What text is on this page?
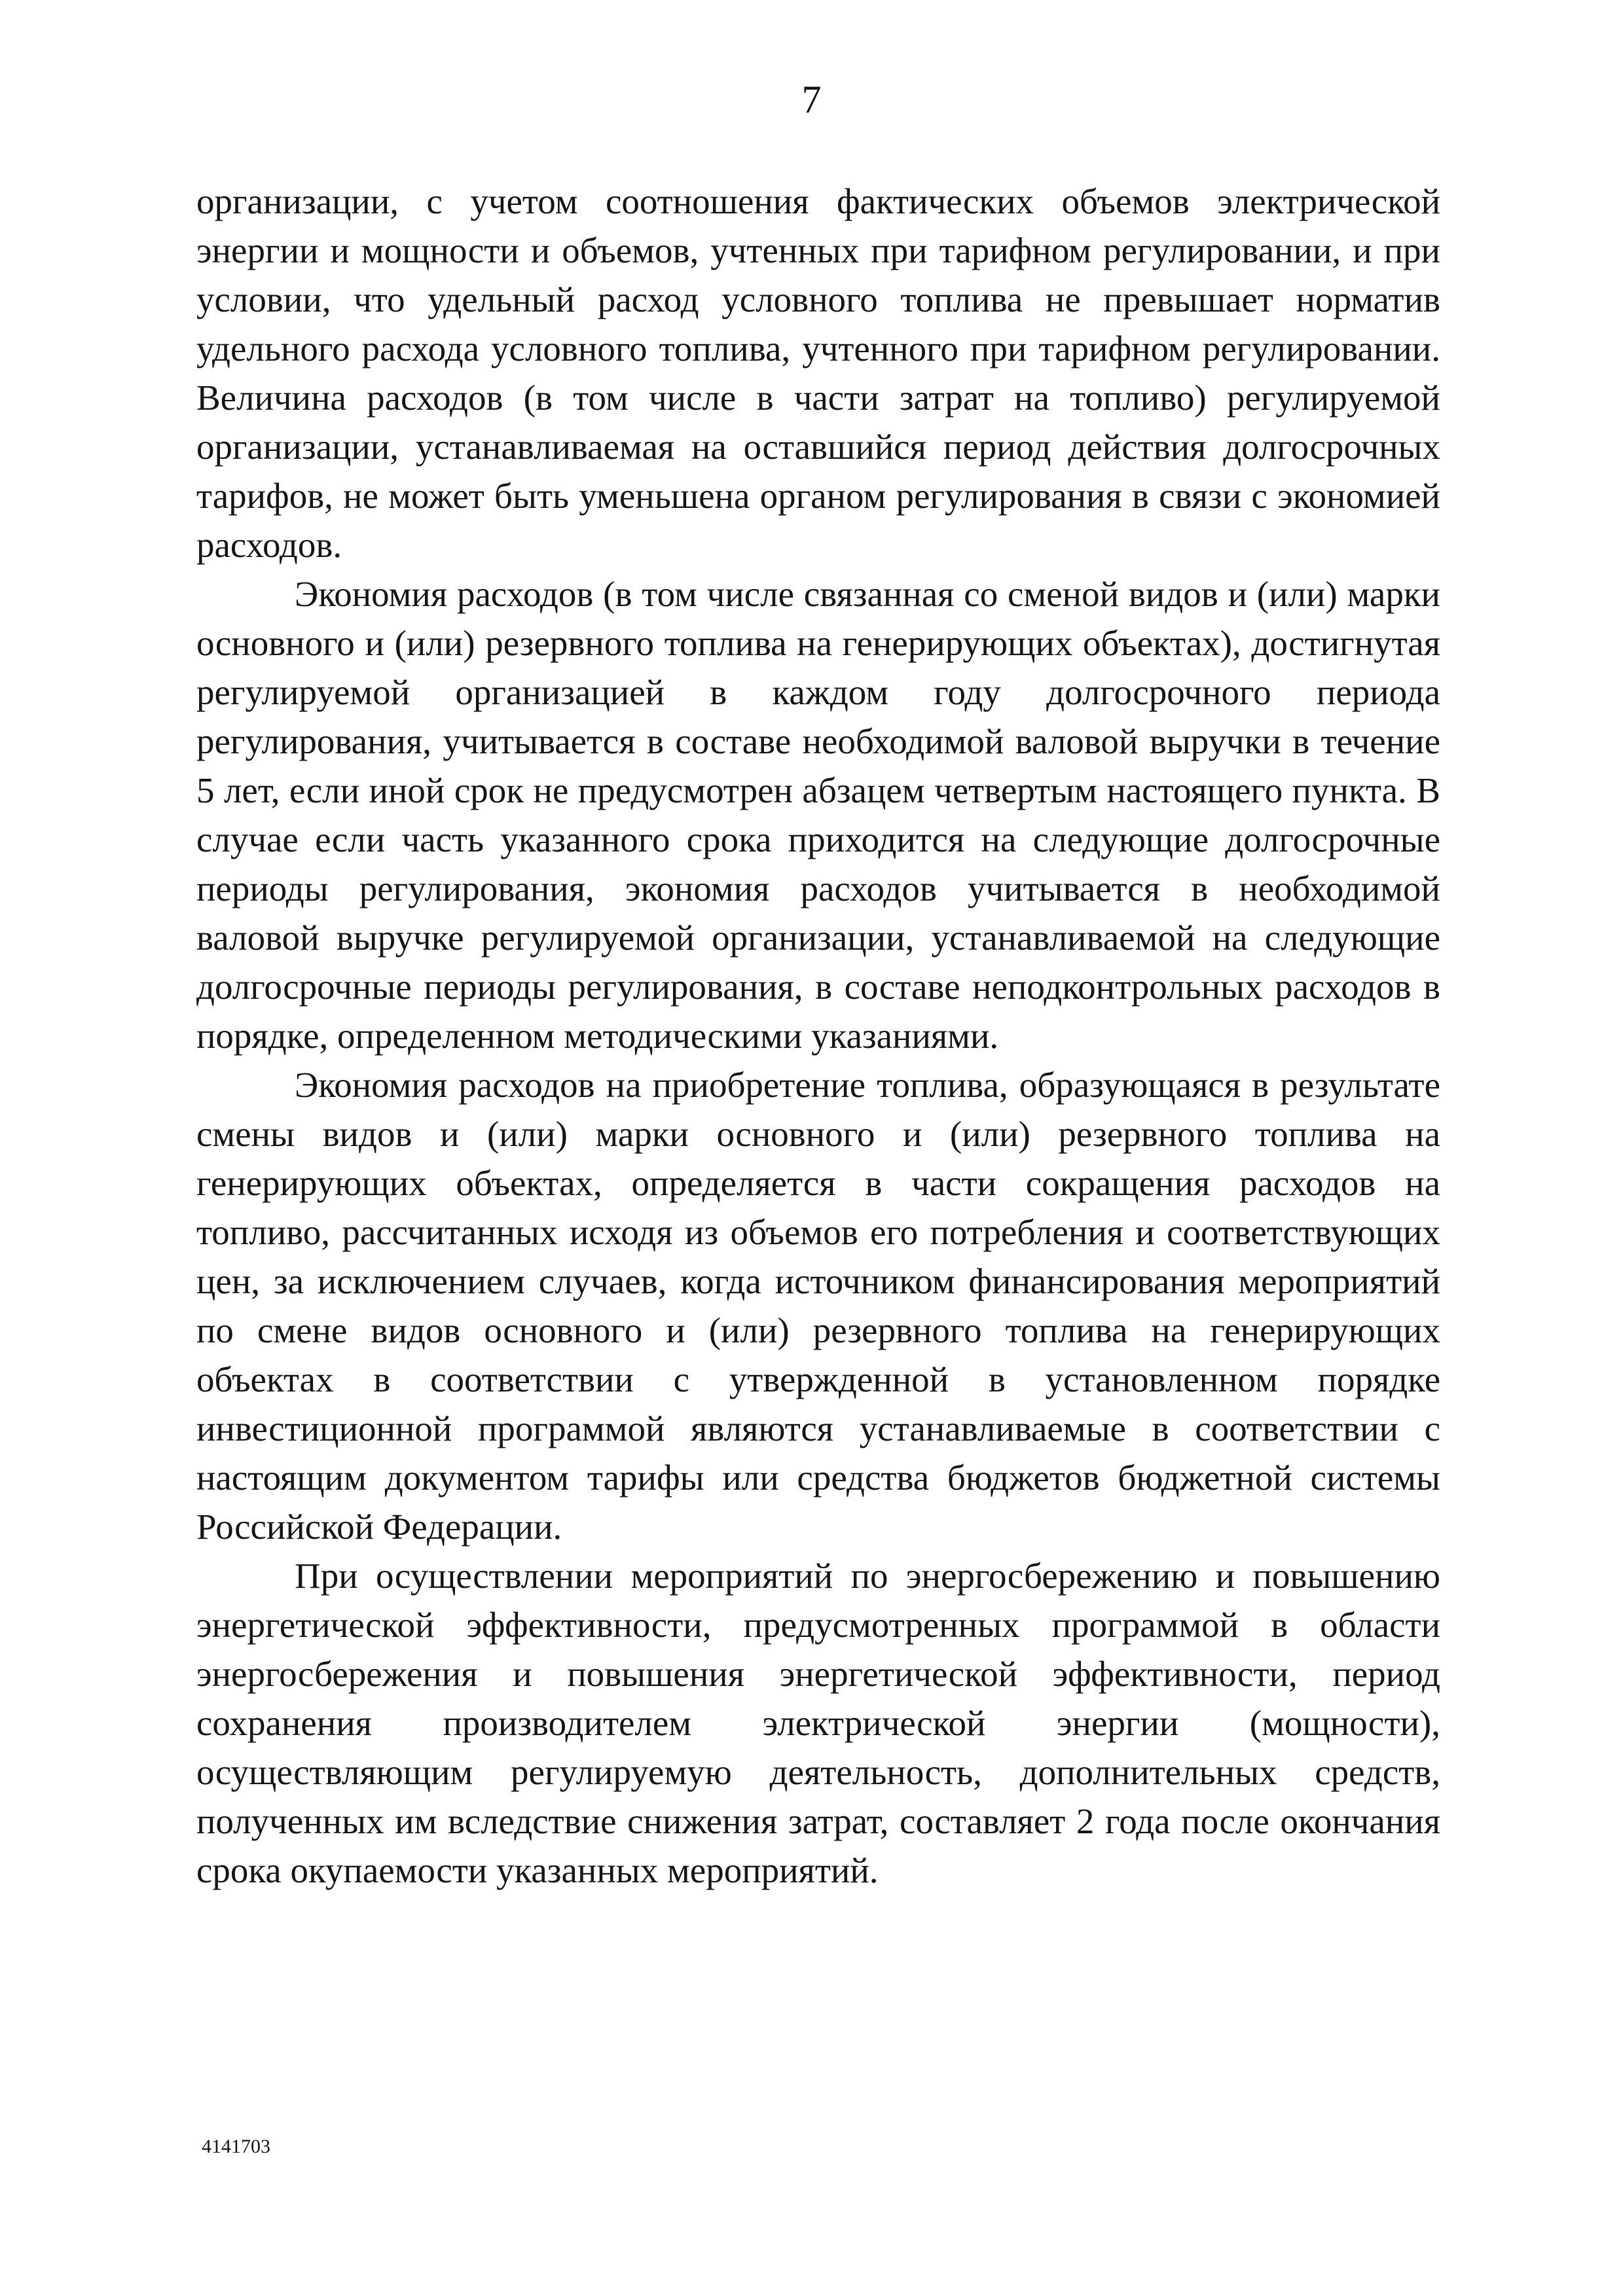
7

организации, с учетом соотношения фактических объемов электрической энергии и мощности и объемов, учтенных при тарифном регулировании, и при условии, что удельный расход условного топлива не превышает норматив удельного расхода условного топлива, учтенного при тарифном регулировании. Величина расходов (в том числе в части затрат на топливо) регулируемой организации, устанавливаемая на оставшийся период действия долгосрочных тарифов, не может быть уменьшена органом регулирования в связи с экономией расходов.

Экономия расходов (в том числе связанная со сменой видов и (или) марки основного и (или) резервного топлива на генерирующих объектах), достигнутая регулируемой организацией в каждом году долгосрочного периода регулирования, учитывается в составе необходимой валовой выручки в течение 5 лет, если иной срок не предусмотрен абзацем четвертым настоящего пункта. В случае если часть указанного срока приходится на следующие долгосрочные периоды регулирования, экономия расходов учитывается в необходимой валовой выручке регулируемой организации, устанавливаемой на следующие долгосрочные периоды регулирования, в составе неподконтрольных расходов в порядке, определенном методическими указаниями.

Экономия расходов на приобретение топлива, образующаяся в результате смены видов и (или) марки основного и (или) резервного топлива на генерирующих объектах, определяется в части сокращения расходов на топливо, рассчитанных исходя из объемов его потребления и соответствующих цен, за исключением случаев, когда источником финансирования мероприятий по смене видов основного и (или) резервного топлива на генерирующих объектах в соответствии с утвержденной в установленном порядке инвестиционной программой являются устанавливаемые в соответствии с настоящим документом тарифы или средства бюджетов бюджетной системы Российской Федерации.

При осуществлении мероприятий по энергосбережению и повышению энергетической эффективности, предусмотренных программой в области энергосбережения и повышения энергетической эффективности, период сохранения производителем электрической энергии (мощности), осуществляющим регулируемую деятельность, дополнительных средств, полученных им вследствие снижения затрат, составляет 2 года после окончания срока окупаемости указанных мероприятий.

4141703
